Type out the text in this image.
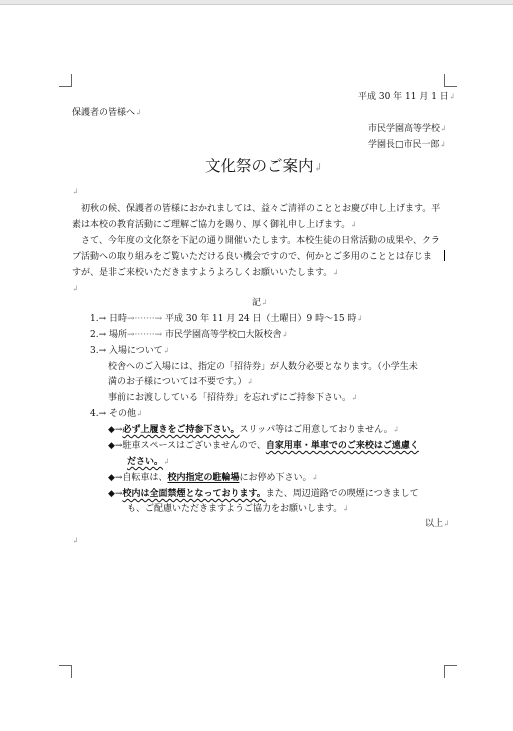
平成 30 年 11 月 1 日↲
保護者の皆様へ↲
市民学園高等学校↲
学園長□市民一郎↲
文化祭のご案内↲
↲
初秋の候、保護者の皆様におかれましては、益々ご清祥のこととお慶び申し上げます。平
素は本校の教育活動にご理解ご協力を賜り、厚く御礼申し上げます。↲
さて、今年度の文化祭を下記の通り開催いたします。本校生徒の日常活動の成果や、クラ
ブ活動への取り組みをご覧いただける良い機会ですので、何かとご多用のこととは存じま
すが、是非ご来校いただきますようよろしくお願いいたします。↲
↲
記↲
1.→ 日時→·······→ 平成 30 年 11 月 24 日（土曜日）9 時～15 時↲
2.→ 場所→·······→ 市民学園高等学校□大阪校舎↲
3.→ 入場について↲
校舎へのご入場には、指定の「招待券」が人数分必要となります。（小学生未
満のお子様については不要です。）↲
事前にお渡ししている「招待券」を忘れずにご持参下さい。↲
4.→ その他↲
◆→必ず上履きをご持参下さい。スリッパ等はご用意しておりません。↲
◆→駐車スペースはございませんので、自家用車・単車でのご来校はご遠慮く
ださい。↲
◆→自転車は、校内指定の駐輪場にお停め下さい。↲
◆→校内は全面禁煙となっております。また、周辺道路での喫煙につきまして
も、ご配慮いただきますようご協力をお願いします。↲
以上↲
↲
